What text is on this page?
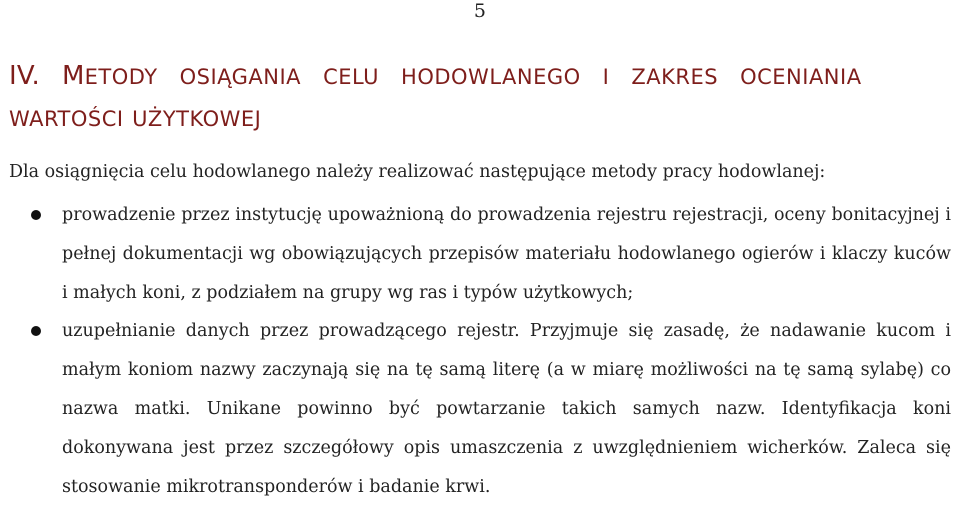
5
IV. METODY OSIĄGANIA CELU HODOWLANEGO I ZAKRES OCENIANIA
WARTOŚCI UŻYTKOWEJ

Dla osiągnięcia celu hodowlanego należy realizować następujące metody pracy hodowlanej:

prowadzenie przez instytucję upoważnioną do prowadzenia rejestru rejestracji, oceny bonitacyjnej i pełnej dokumentacji wg obowiązujących przepisów materiału hodowlanego ogierów i klaczy kuców i małych koni, z podziałem na grupy wg ras i typów użytkowych;
uzupełnianie danych przez prowadzącego rejestr. Przyjmuje się zasadę, że nadawanie kucom i małym koniom nazwy zaczynają się na tę samą literę (a w miarę możliwości na tę samą sylabę) co nazwa matki. Unikane powinno być powtarzanie takich samych nazw. Identyfikacja koni dokonywana jest przez szczegółowy opis umaszczenia z uwzględnieniem wicherków. Zaleca się stosowanie mikrotransponderów i badanie krwi.
